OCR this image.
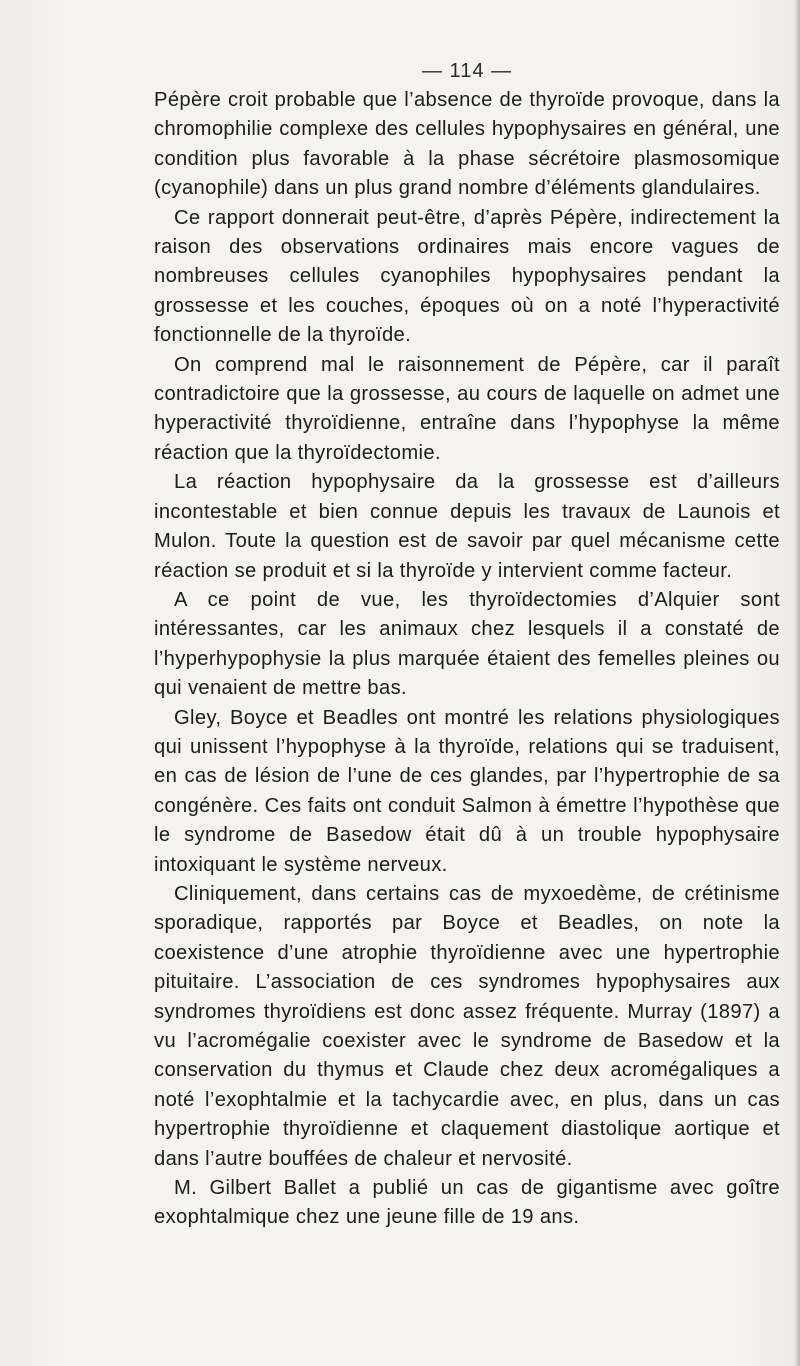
— 114 —

Pépère croit probable que l’absence de thyroïde provoque, dans la chromophilie complexe des cellules hypophysaires en général, une condition plus favorable à la phase sécrétoire plasmosomique (cyanophile) dans un plus grand nombre d’éléments glandulaires.

Ce rapport donnerait peut-être, d’après Pépère, indirectement la raison des observations ordinaires mais encore vagues de nombreuses cellules cyanophiles hypophysaires pendant la grossesse et les couches, époques où on a noté l’hyperactivité fonctionnelle de la thyroïde.

On comprend mal le raisonnement de Pépère, car il paraît contradictoire que la grossesse, au cours de laquelle on admet une hyperactivité thyroïdienne, entraîne dans l’hypophyse la même réaction que la thyroïdectomie.

La réaction hypophysaire da la grossesse est d’ailleurs incontestable et bien connue depuis les travaux de Launois et Mulon. Toute la question est de savoir par quel mécanisme cette réaction se produit et si la thyroïde y intervient comme facteur.

A ce point de vue, les thyroïdectomies d’Alquier sont intéressantes, car les animaux chez lesquels il a constaté de l’hyperhypophysie la plus marquée étaient des femelles pleines ou qui venaient de mettre bas.

Gley, Boyce et Beadles ont montré les relations physiologiques qui unissent l’hypophyse à la thyroïde, relations qui se traduisent, en cas de lésion de l’une de ces glandes, par l’hypertrophie de sa congénère. Ces faits ont conduit Salmon à émettre l’hypothèse que le syndrome de Basedow était dû à un trouble hypophysaire intoxiquant le système nerveux.

Cliniquement, dans certains cas de myxoedème, de crétinisme sporadique, rapportés par Boyce et Beadles, on note la coexistence d’une atrophie thyroïdienne avec une hypertrophie pituitaire. L’association de ces syndromes hypophysaires aux syndromes thyroïdiens est donc assez fréquente. Murray (1897) a vu l’acromégalie coexister avec le syndrome de Basedow et la conservation du thymus et Claude chez deux acromégaliques a noté l’exophtalmie et la tachycardie avec, en plus, dans un cas hypertrophie thyroïdienne et claquement diastolique aortique et dans l’autre bouffées de chaleur et nervosité.

M. Gilbert Ballet a publié un cas de gigantisme avec goître exophtalmique chez une jeune fille de 19 ans.
